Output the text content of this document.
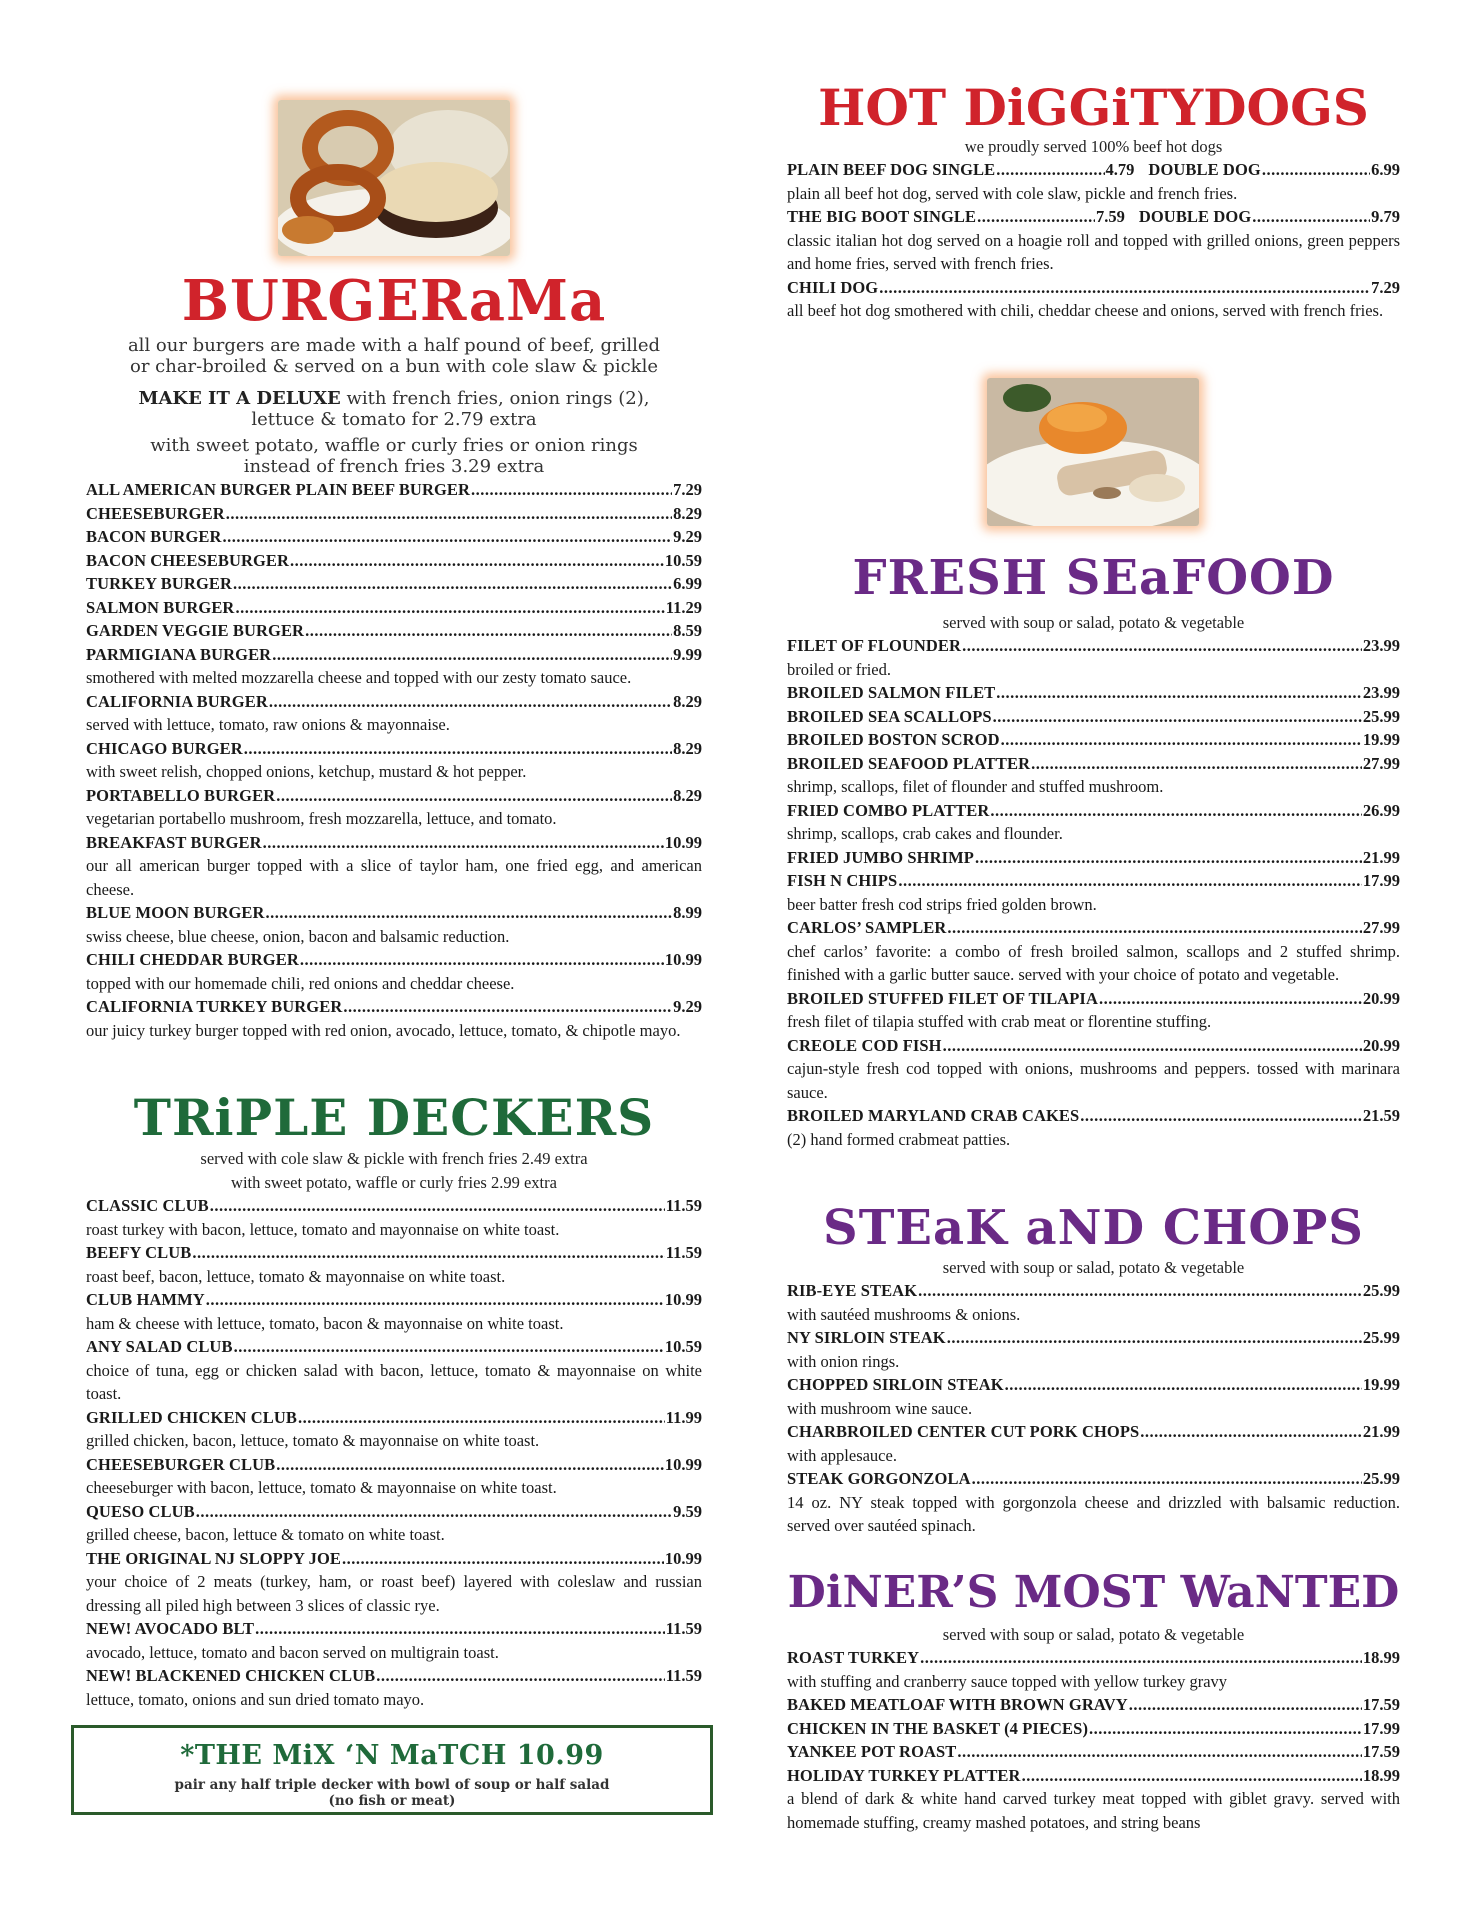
BURGERaMa
all our burgers are made with a half pound of beef, grilled
or char-broiled & served on a bun with cole slaw & pickle
MAKE IT A DELUXE with french fries, onion rings (2),
lettuce & tomato for 2.79 extra
with sweet potato, waffle or curly fries or onion rings
instead of french fries 3.29 extra
ALL AMERICAN BURGER PLAIN BEEF BURGER .....	7.29
CHEESEBURGER .....	8.29
BACON BURGER .....	9.29
BACON CHEESEBURGER .....	10.59
TURKEY BURGER .....	6.99
SALMON BURGER .....	11.29
GARDEN VEGGIE BURGER .....	8.59
PARMIGIANA BURGER .....	9.99
smothered with melted mozzarella cheese and topped with our zesty tomato sauce.
CALIFORNIA BURGER .....	8.29
served with lettuce, tomato, raw onions & mayonnaise.
CHICAGO BURGER .....	8.29
with sweet relish, chopped onions, ketchup, mustard & hot pepper.
PORTABELLO BURGER .....	8.29
vegetarian portabello mushroom, fresh mozzarella, lettuce, and tomato.
BREAKFAST BURGER .....	10.99
our all american burger topped with a slice of taylor ham, one fried egg, and american cheese.
BLUE MOON BURGER .....	8.99
swiss cheese, blue cheese, onion, bacon and balsamic reduction.
CHILI CHEDDAR BURGER .....	10.99
topped with our homemade chili, red onions and cheddar cheese.
CALIFORNIA TURKEY BURGER .....	9.29
our juicy turkey burger topped with red onion, avocado, lettuce, tomato, & chipotle mayo.
TRiPLE DECKERS
served with cole slaw & pickle with french fries 2.49 extra
with sweet potato, waffle or curly fries 2.99 extra
CLASSIC CLUB .....	11.59
roast turkey with bacon, lettuce, tomato and mayonnaise on white toast.
BEEFY CLUB .....	11.59
roast beef, bacon, lettuce, tomato & mayonnaise on white toast.
CLUB HAMMY .....	10.99
ham & cheese with lettuce, tomato, bacon & mayonnaise on white toast.
ANY SALAD CLUB .....	10.59
choice of tuna, egg or chicken salad with bacon, lettuce, tomato & mayonnaise on white toast.
GRILLED CHICKEN CLUB .....	11.99
grilled chicken, bacon, lettuce, tomato & mayonnaise on white toast.
CHEESEBURGER CLUB .....	10.99
cheeseburger with bacon, lettuce, tomato & mayonnaise on white toast.
QUESO CLUB .....	9.59
grilled cheese, bacon, lettuce & tomato on white toast.
THE ORIGINAL NJ SLOPPY JOE .....	10.99
your choice of 2 meats (turkey, ham, or roast beef) layered with coleslaw and russian dressing all piled high between 3 slices of classic rye.
NEW! AVOCADO BLT .....	11.59
avocado, lettuce, tomato and bacon served on multigrain toast.
NEW! BLACKENED CHICKEN CLUB .....	11.59
lettuce, tomato, onions and sun dried tomato mayo.
*THE MiX ‘N MaTCH 10.99
pair any half triple decker with bowl of soup or half salad
(no fish or meat)
HOT DiGGiTYDOGS
we proudly served 100% beef hot dogs
PLAIN BEEF DOG SINGLE .....	4.79 DOUBLE DOG .....	6.99
plain all beef hot dog, served with cole slaw, pickle and french fries.
THE BIG BOOT SINGLE .....	7.59 DOUBLE DOG .....	9.79
classic italian hot dog served on a hoagie roll and topped with grilled onions, green peppers and home fries, served with french fries.
CHILI DOG .....	7.29
all beef hot dog smothered with chili, cheddar cheese and onions, served with french fries.
FRESH SEaFOOD
served with soup or salad, potato & vegetable
FILET OF FLOUNDER .....	23.99
broiled or fried.
BROILED SALMON FILET .....	23.99
BROILED SEA SCALLOPS .....	25.99
BROILED BOSTON SCROD .....	19.99
BROILED SEAFOOD PLATTER .....	27.99
shrimp, scallops, filet of flounder and stuffed mushroom.
FRIED COMBO PLATTER .....	26.99
shrimp, scallops, crab cakes and flounder.
FRIED JUMBO SHRIMP .....	21.99
FISH N CHIPS .....	17.99
beer batter fresh cod strips fried golden brown.
CARLOS’ SAMPLER .....	27.99
chef carlos’ favorite: a combo of fresh broiled salmon, scallops and 2 stuffed shrimp. finished with a garlic butter sauce. served with your choice of potato and vegetable.
BROILED STUFFED FILET OF TILAPIA .....	20.99
fresh filet of tilapia stuffed with crab meat or florentine stuffing.
CREOLE COD FISH .....	20.99
cajun-style fresh cod topped with onions, mushrooms and peppers. tossed with marinara sauce.
BROILED MARYLAND CRAB CAKES .....	21.59
(2) hand formed crabmeat patties.
STEaK aND CHOPS
served with soup or salad, potato & vegetable
RIB-EYE STEAK .....	25.99
with sautéed mushrooms & onions.
NY SIRLOIN STEAK .....	25.99
with onion rings.
CHOPPED SIRLOIN STEAK .....	19.99
with mushroom wine sauce.
CHARBROILED CENTER CUT PORK CHOPS .....	21.99
with applesauce.
STEAK GORGONZOLA .....	25.99
14 oz. NY steak topped with gorgonzola cheese and drizzled with balsamic reduction. served over sautéed spinach.
DiNER’S MOST WaNTED
served with soup or salad, potato & vegetable
ROAST TURKEY .....	18.99
with stuffing and cranberry sauce topped with yellow turkey gravy
BAKED MEATLOAF WITH BROWN GRAVY .....	17.59
CHICKEN IN THE BASKET (4 PIECES) .....	17.99
YANKEE POT ROAST .....	17.59
HOLIDAY TURKEY PLATTER .....	18.99
a blend of dark & white hand carved turkey meat topped with giblet gravy. served with homemade stuffing, creamy mashed potatoes, and string beans
